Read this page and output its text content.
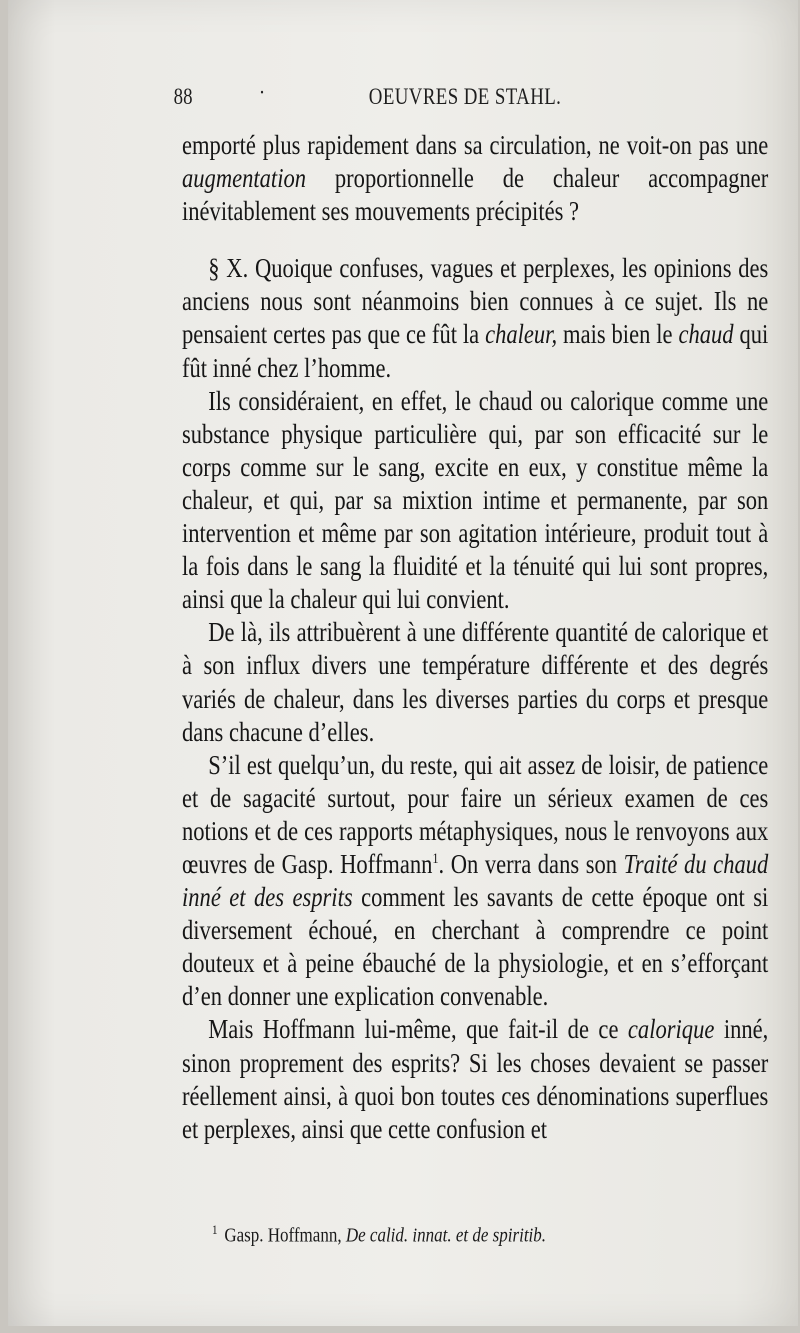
88	·	OEUVRES DE STAHL.

emporté plus rapidement dans sa circulation, ne voit-on pas une augmentation proportionnelle de chaleur accompagner inévitablement ses mouvements précipités ?

§ X. Quoique confuses, vagues et perplexes, les opinions des anciens nous sont néanmoins bien connues à ce sujet. Ils ne pensaient certes pas que ce fût la chaleur, mais bien le chaud qui fût inné chez l’homme.

Ils considéraient, en effet, le chaud ou calorique comme une substance physique particulière qui, par son efficacité sur le corps comme sur le sang, excite en eux, y constitue même la chaleur, et qui, par sa mixtion intime et permanente, par son intervention et même par son agitation intérieure, produit tout à la fois dans le sang la fluidité et la ténuité qui lui sont propres, ainsi que la chaleur qui lui convient.

De là, ils attribuèrent à une différente quantité de calorique et à son influx divers une température différente et des degrés variés de chaleur, dans les diverses parties du corps et presque dans chacune d’elles.

S’il est quelqu’un, du reste, qui ait assez de loisir, de patience et de sagacité surtout, pour faire un sérieux examen de ces notions et de ces rapports métaphysiques, nous le renvoyons aux œuvres de Gasp. Hoffmann$^1$. On verra dans son Traité du chaud inné et des esprits comment les savants de cette époque ont si diversement échoué, en cherchant à comprendre ce point douteux et à peine ébauché de la physiologie, et en s’efforçant d’en donner une explication convenable.

Mais Hoffmann lui-même, que fait-il de ce calorique inné, sinon proprement des esprits? Si les choses devaient se passer réellement ainsi, à quoi bon toutes ces dénominations superflues et perplexes, ainsi que cette confusion et

$^1$ Gasp. Hoffmann, De calid. innat. et de spiritib.
